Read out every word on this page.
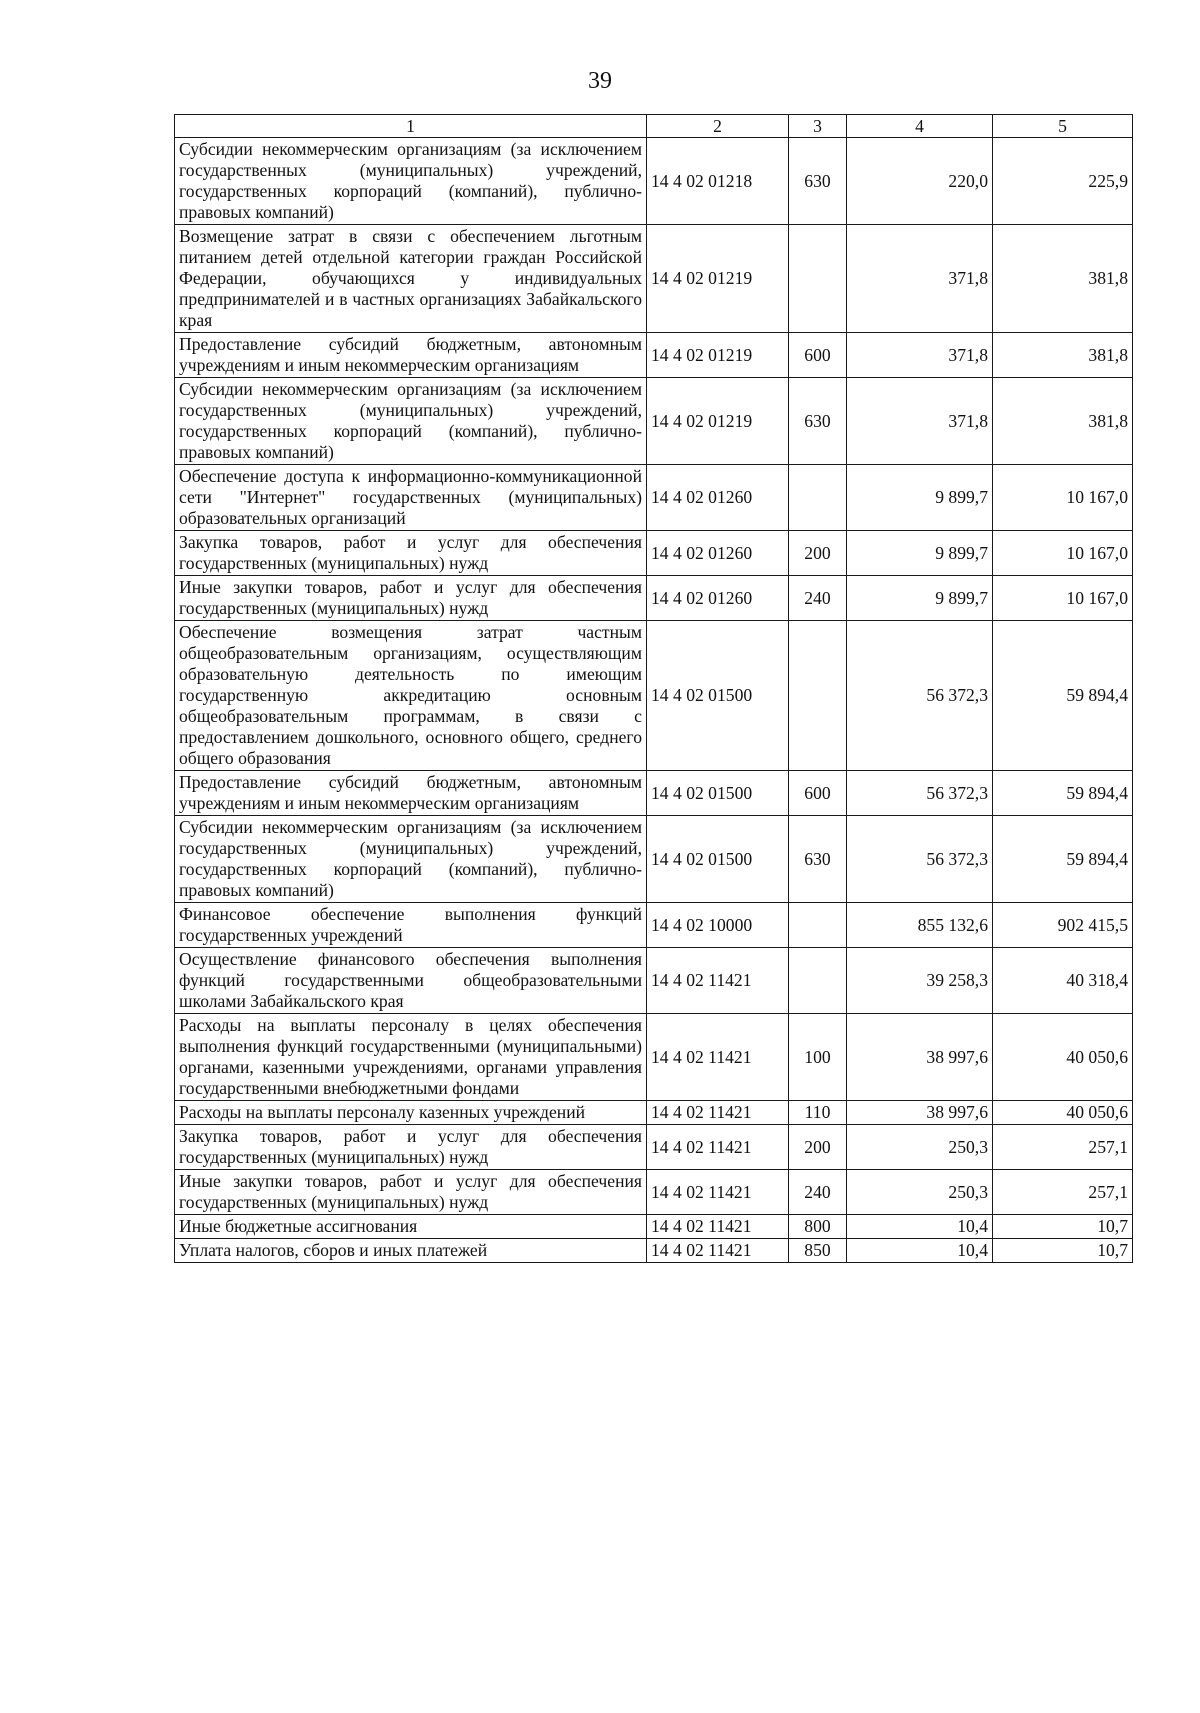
39
1	2	3	4	5
Субсидии некоммерческим организациям (за исключением государственных (муниципальных) учреждений, государственных корпораций (компаний), публично-правовых компаний)	14 4 02 01218	630	220,0	225,9
Возмещение затрат в связи с обеспечением льготным питанием детей отдельной категории граждан Российской Федерации, обучающихся у индивидуальных предпринимателей и в частных организациях Забайкальского края	14 4 02 01219		371,8	381,8
Предоставление субсидий бюджетным, автономным учреждениям и иным некоммерческим организациям	14 4 02 01219	600	371,8	381,8
Субсидии некоммерческим организациям (за исключением государственных (муниципальных) учреждений, государственных корпораций (компаний), публично-правовых компаний)	14 4 02 01219	630	371,8	381,8
Обеспечение доступа к информационно-коммуникационной сети "Интернет" государственных (муниципальных) образовательных организаций	14 4 02 01260		9 899,7	10 167,0
Закупка товаров, работ и услуг для обеспечения государственных (муниципальных) нужд	14 4 02 01260	200	9 899,7	10 167,0
Иные закупки товаров, работ и услуг для обеспечения государственных (муниципальных) нужд	14 4 02 01260	240	9 899,7	10 167,0
Обеспечение возмещения затрат частным общеобразовательным организациям, осуществляющим образовательную деятельность по имеющим государственную аккредитацию основным общеобразовательным программам, в связи с предоставлением дошкольного, основного общего, среднего общего образования	14 4 02 01500		56 372,3	59 894,4
Предоставление субсидий бюджетным, автономным учреждениям и иным некоммерческим организациям	14 4 02 01500	600	56 372,3	59 894,4
Субсидии некоммерческим организациям (за исключением государственных (муниципальных) учреждений, государственных корпораций (компаний), публично-правовых компаний)	14 4 02 01500	630	56 372,3	59 894,4
Финансовое обеспечение выполнения функций государственных учреждений	14 4 02 10000		855 132,6	902 415,5
Осуществление финансового обеспечения выполнения функций государственными общеобразовательными школами Забайкальского края	14 4 02 11421		39 258,3	40 318,4
Расходы на выплаты персоналу в целях обеспечения выполнения функций государственными (муниципальными) органами, казенными учреждениями, органами управления государственными внебюджетными фондами	14 4 02 11421	100	38 997,6	40 050,6
Расходы на выплаты персоналу казенных учреждений	14 4 02 11421	110	38 997,6	40 050,6
Закупка товаров, работ и услуг для обеспечения государственных (муниципальных) нужд	14 4 02 11421	200	250,3	257,1
Иные закупки товаров, работ и услуг для обеспечения государственных (муниципальных) нужд	14 4 02 11421	240	250,3	257,1
Иные бюджетные ассигнования	14 4 02 11421	800	10,4	10,7
Уплата налогов, сборов и иных платежей	14 4 02 11421	850	10,4	10,7
